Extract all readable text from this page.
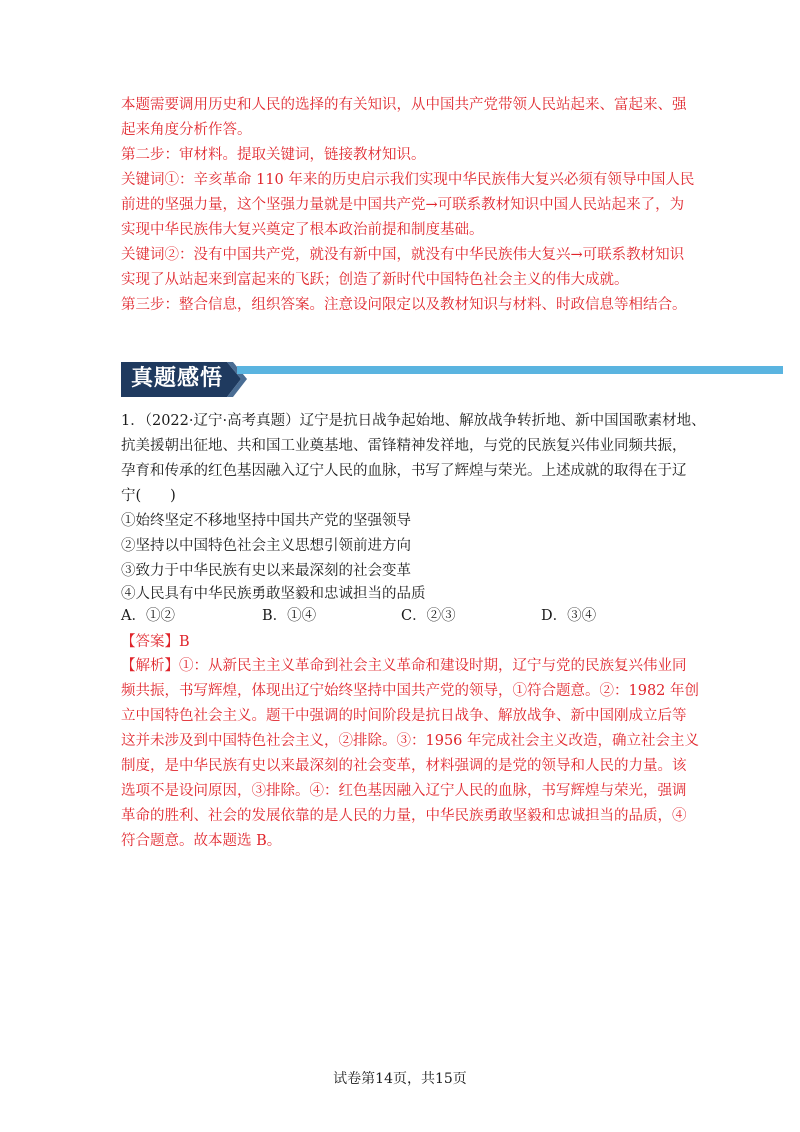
本题需要调用历史和人民的选择的有关知识，从中国共产党带领人民站起来、富起来、强
起来角度分析作答。
第二步：审材料。提取关键词，链接教材知识。
关键词①：辛亥革命 110 年来的历史启示我们实现中华民族伟大复兴必须有领导中国人民
前进的坚强力量，这个坚强力量就是中国共产党→可联系教材知识中国人民站起来了，为
实现中华民族伟大复兴奠定了根本政治前提和制度基础。
关键词②：没有中国共产党，就没有新中国，就没有中华民族伟大复兴→可联系教材知识
实现了从站起来到富起来的飞跃；创造了新时代中国特色社会主义的伟大成就。
第三步：整合信息，组织答案。注意设问限定以及教材知识与材料、时政信息等相结合。
真题感悟
1．（2022·辽宁·高考真题）辽宁是抗日战争起始地、解放战争转折地、新中国国歌素材地、
抗美援朝出征地、共和国工业奠基地、雷锋精神发祥地，与党的民族复兴伟业同频共振，
孕育和传承的红色基因融入辽宁人民的血脉，书写了辉煌与荣光。上述成就的取得在于辽
宁(　　)
①始终坚定不移地坚持中国共产党的坚强领导
②坚持以中国特色社会主义思想引领前进方向
③致力于中华民族有史以来最深刻的社会变革
④人民具有中华民族勇敢坚毅和忠诚担当的品质
A．①②	B．①④	C．②③	D．③④
【答案】B
【解析】①：从新民主主义革命到社会主义革命和建设时期，辽宁与党的民族复兴伟业同
频共振，书写辉煌，体现出辽宁始终坚持中国共产党的领导，①符合题意。②：1982 年创
立中国特色社会主义。题干中强调的时间阶段是抗日战争、解放战争、新中国刚成立后等
这并未涉及到中国特色社会主义，②排除。③：1956 年完成社会主义改造，确立社会主义
制度，是中华民族有史以来最深刻的社会变革，材料强调的是党的领导和人民的力量。该
选项不是设问原因，③排除。④：红色基因融入辽宁人民的血脉，书写辉煌与荣光，强调
革命的胜利、社会的发展依靠的是人民的力量，中华民族勇敢坚毅和忠诚担当的品质，④
符合题意。故本题选 B。
试卷第14页，共15页
